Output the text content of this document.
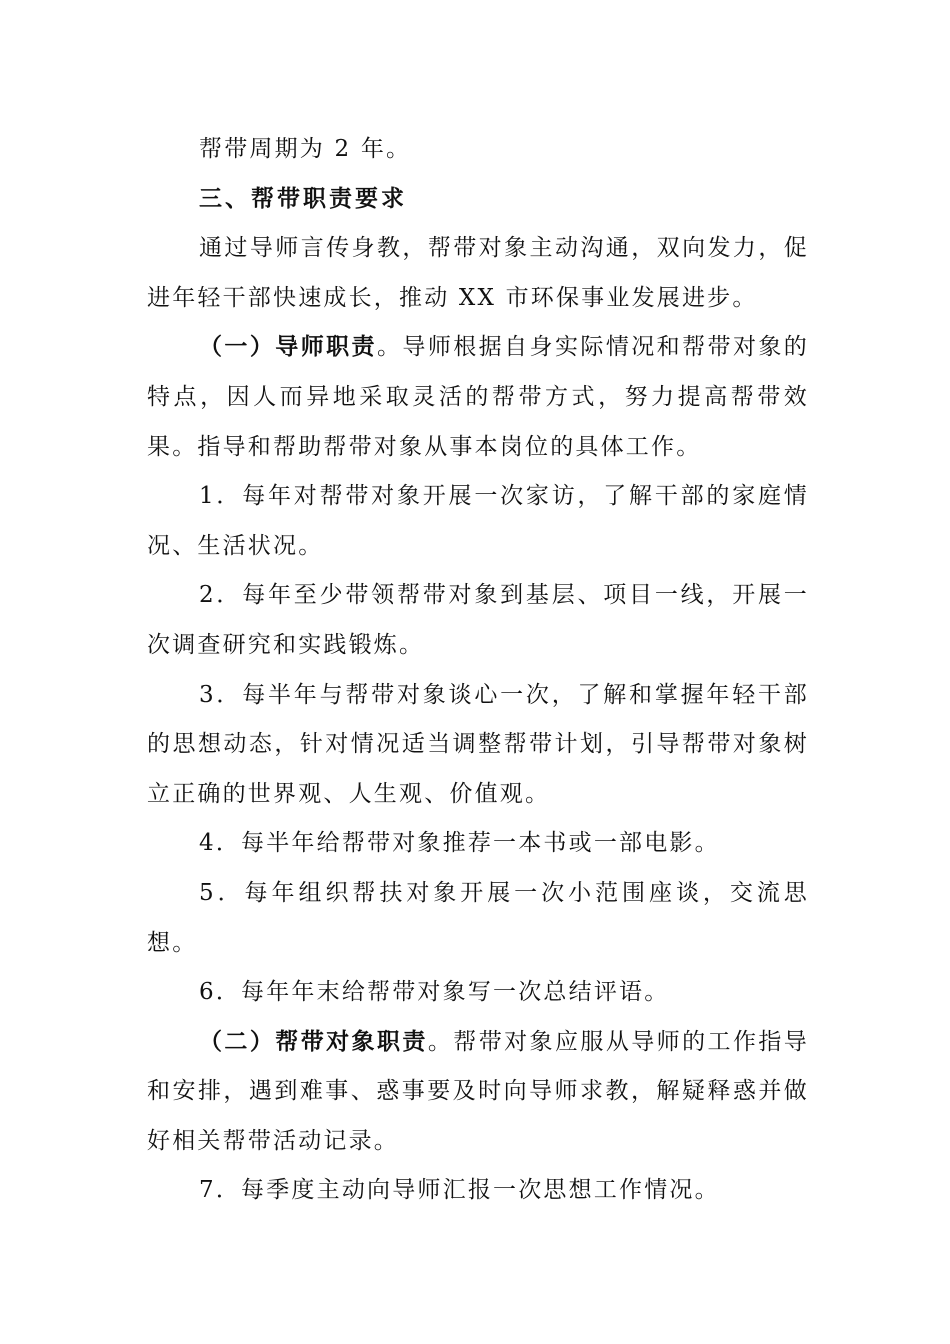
帮带周期为 2 年。

三、帮带职责要求

通过导师言传身教，帮带对象主动沟通，双向发力，促进年轻干部快速成长，推动 XX 市环保事业发展进步。

（一）导师职责。导师根据自身实际情况和帮带对象的特点，因人而异地采取灵活的帮带方式，努力提高帮带效果。指导和帮助帮带对象从事本岗位的具体工作。

1．每年对帮带对象开展一次家访，了解干部的家庭情况、生活状况。

2．每年至少带领帮带对象到基层、项目一线，开展一次调查研究和实践锻炼。

3．每半年与帮带对象谈心一次，了解和掌握年轻干部的思想动态，针对情况适当调整帮带计划，引导帮带对象树立正确的世界观、人生观、价值观。

4．每半年给帮带对象推荐一本书或一部电影。

5．每年组织帮扶对象开展一次小范围座谈，交流思想。

6．每年年末给帮带对象写一次总结评语。

（二）帮带对象职责。帮带对象应服从导师的工作指导和安排，遇到难事、惑事要及时向导师求教，解疑释惑并做好相关帮带活动记录。

7．每季度主动向导师汇报一次思想工作情况。
